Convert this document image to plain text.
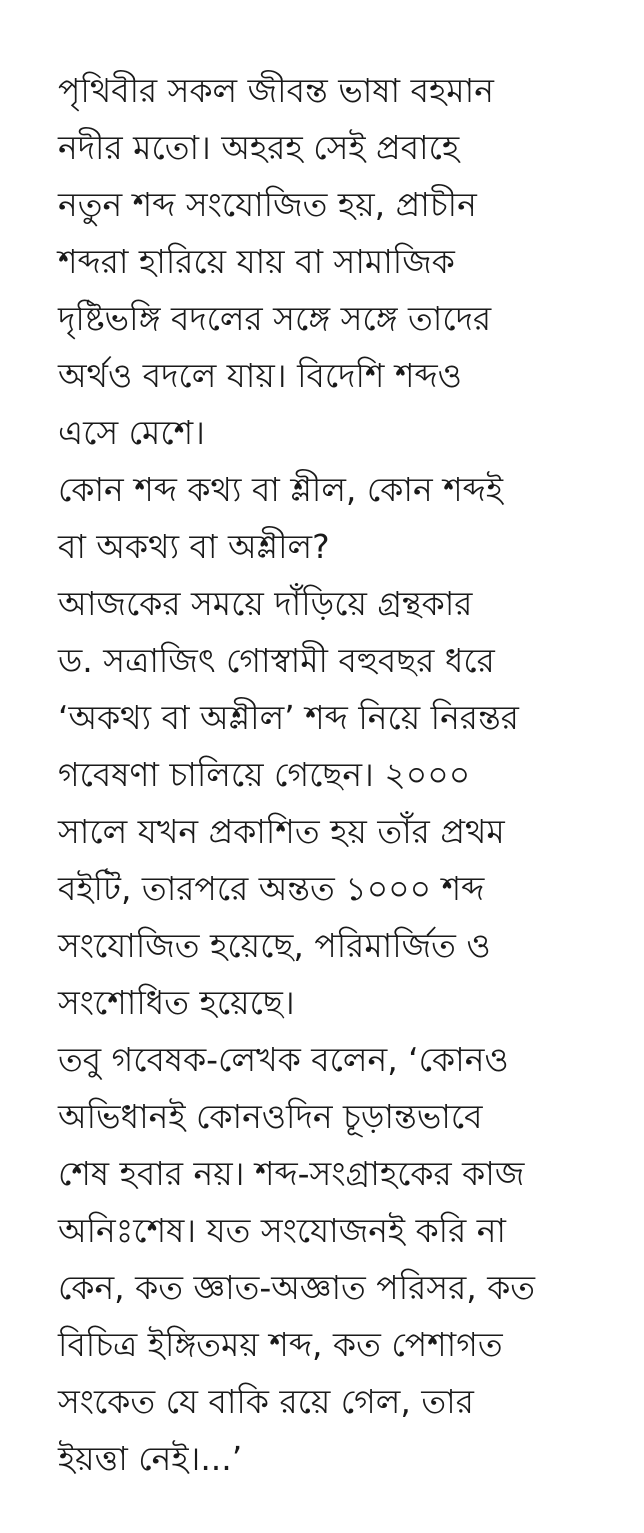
পৃথিবীর সকল জীবন্ত ভাষা বহমান
নদীর মতো। অহরহ সেই প্রবাহে
নতুন শব্দ সংযোজিত হয়, প্রাচীন
শব্দরা হারিয়ে যায় বা সামাজিক
দৃষ্টিভঙ্গি বদলের সঙ্গে সঙ্গে তাদের
অর্থও বদলে যায়। বিদেশি শব্দও
এসে মেশে।
কোন শব্দ কথ্য বা শ্লীল, কোন শব্দই
বা অকথ্য বা অশ্লীল?
আজকের সময়ে দাঁড়িয়ে গ্রন্থকার
ড. সত্রাজিৎ গোস্বামী বহুবছর ধরে
‘অকথ্য বা অশ্লীল’ শব্দ নিয়ে নিরন্তর
গবেষণা চালিয়ে গেছেন। ২০০০
সালে যখন প্রকাশিত হয় তাঁর প্রথম
বইটি, তারপরে অন্তত ১০০০ শব্দ
সংযোজিত হয়েছে, পরিমার্জিত ও
সংশোধিত হয়েছে।
তবু গবেষক-লেখক বলেন, ‘কোনও
অভিধানই কোনওদিন চূড়ান্তভাবে
শেষ হবার নয়। শব্দ-সংগ্রাহকের কাজ
অনিঃশেষ। যত সংযোজনই করি না
কেন, কত জ্ঞাত-অজ্ঞাত পরিসর, কত
বিচিত্র ইঙ্গিতময় শব্দ, কত পেশাগত
সংকেত যে বাকি রয়ে গেল, তার
ইয়ত্তা নেই।...’
